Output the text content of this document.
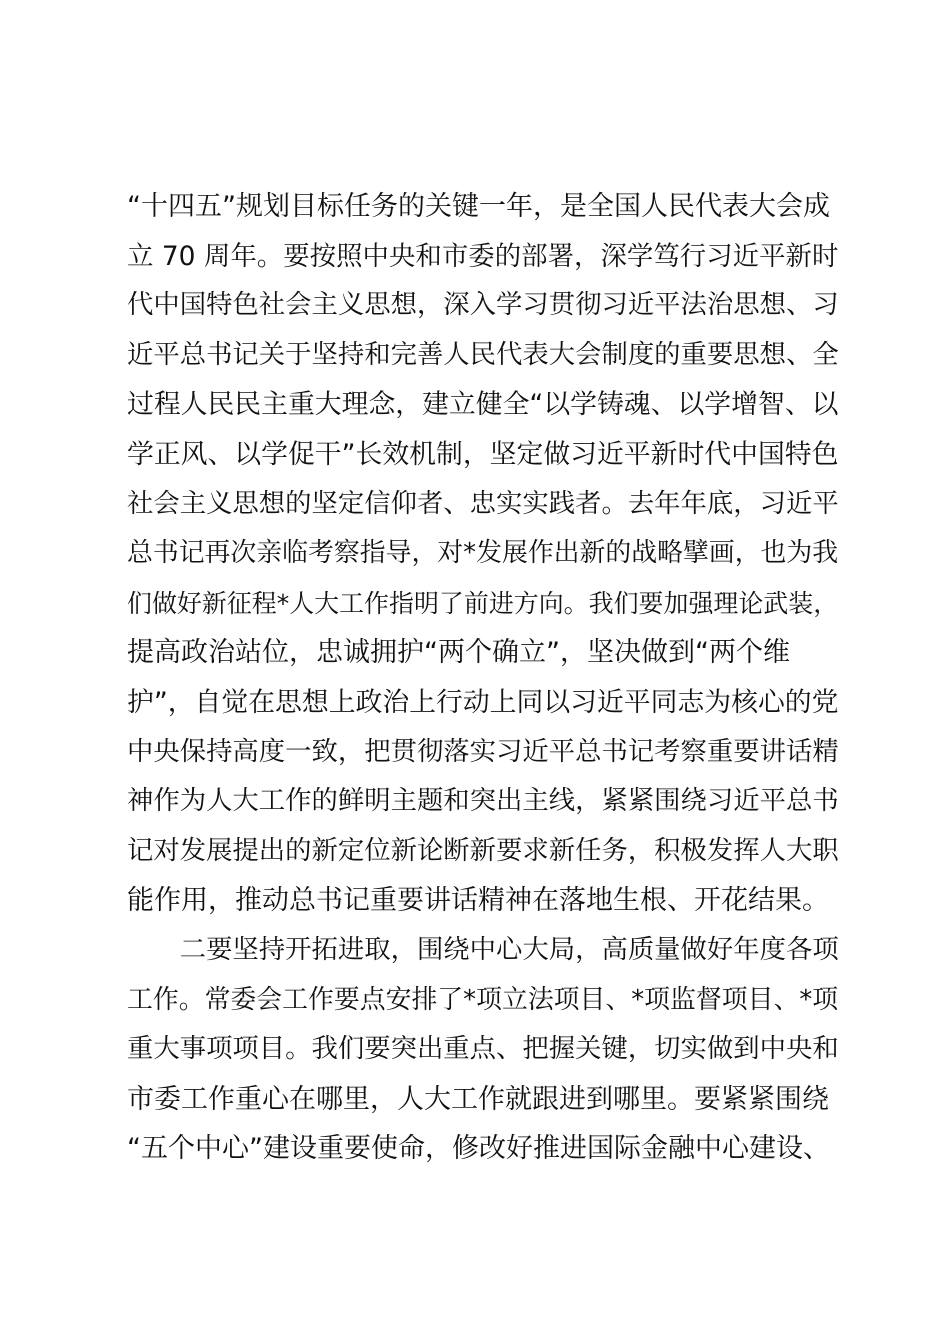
“十四五”规划目标任务的关键一年，是全国人民代表大会成
立 70 周年。要按照中央和市委的部署，深学笃行习近平新时
代中国特色社会主义思想，深入学习贯彻习近平法治思想、习
近平总书记关于坚持和完善人民代表大会制度的重要思想、全
过程人民民主重大理念，建立健全“以学铸魂、以学增智、以
学正风、以学促干”长效机制，坚定做习近平新时代中国特色
社会主义思想的坚定信仰者、忠实实践者。去年年底，习近平
总书记再次亲临考察指导，对*发展作出新的战略擘画，也为我
们做好新征程*人大工作指明了前进方向。我们要加强理论武装，
提高政治站位，忠诚拥护“两个确立”，坚决做到“两个维
护”，自觉在思想上政治上行动上同以习近平同志为核心的党
中央保持高度一致，把贯彻落实习近平总书记考察重要讲话精
神作为人大工作的鲜明主题和突出主线，紧紧围绕习近平总书
记对发展提出的新定位新论断新要求新任务，积极发挥人大职
能作用，推动总书记重要讲话精神在落地生根、开花结果。
　　二要坚持开拓进取，围绕中心大局，高质量做好年度各项
工作。常委会工作要点安排了*项立法项目、*项监督项目、*项
重大事项项目。我们要突出重点、把握关键，切实做到中央和
市委工作重心在哪里，人大工作就跟进到哪里。要紧紧围绕
“五个中心”建设重要使命，修改好推进国际金融中心建设、
